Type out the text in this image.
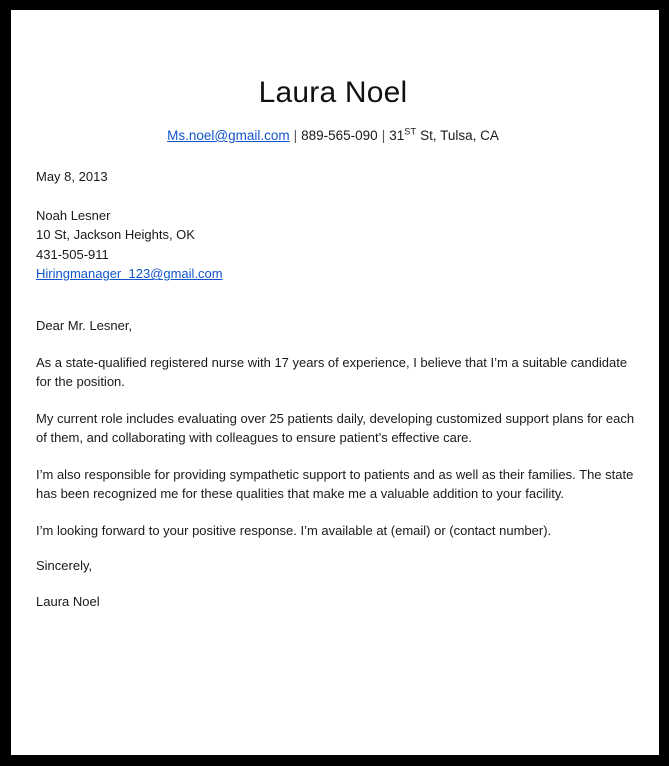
Laura Noel
Ms.noel@gmail.com | 889-565-090 | 31ST St, Tulsa, CA

May 8, 2013

Noah Lesner
10 St, Jackson Heights, OK
431-505-911
Hiringmanager  123@gmail.com

Dear Mr. Lesner,

As a state-qualified registered nurse with 17 years of experience, I believe that I’m a suitable candidate for the position.

My current role includes evaluating over 25 patients daily, developing customized support plans for each of them, and collaborating with colleagues to ensure patient’s effective care.

I’m also responsible for providing sympathetic support to patients and as well as their families. The state has been recognized me for these qualities that make me a valuable addition to your facility.

I’m looking forward to your positive response. I’m available at (email) or (contact number).

Sincerely,

Laura Noel
